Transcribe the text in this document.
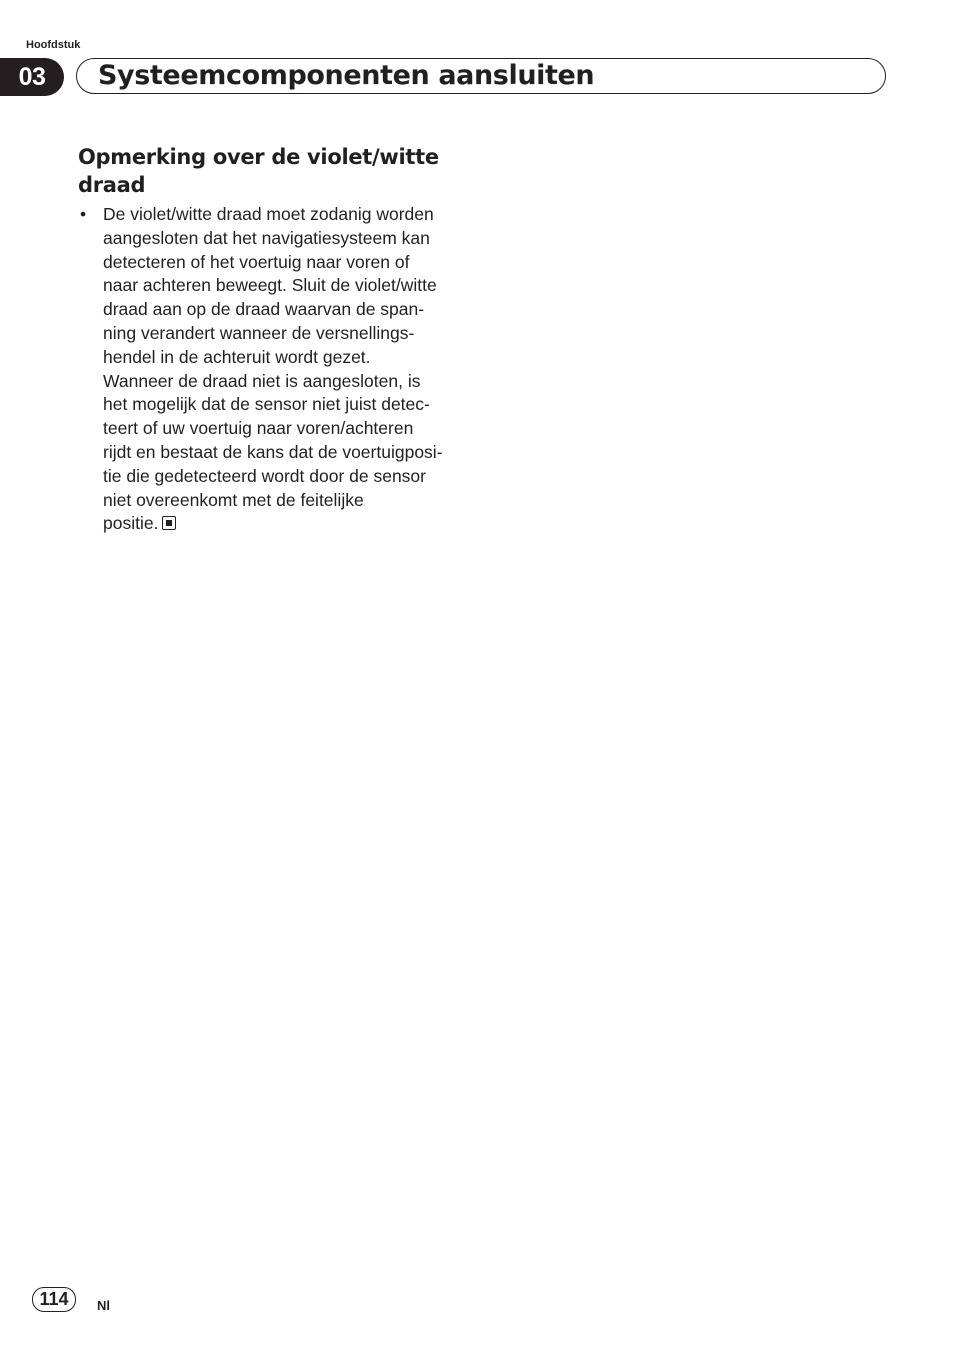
Hoofdstuk
03	Systeemcomponenten aansluiten
Opmerking over de violet/witte
draad
• De violet/witte draad moet zodanig worden
aangesloten dat het navigatiesysteem kan
detecteren of het voertuig naar voren of
naar achteren beweegt. Sluit de violet/witte
draad aan op de draad waarvan de span-
ning verandert wanneer de versnellings-
hendel in de achteruit wordt gezet.
Wanneer de draad niet is aangesloten, is
het mogelijk dat de sensor niet juist detec-
teert of uw voertuig naar voren/achteren
rijdt en bestaat de kans dat de voertuigposi-
tie die gedetecteerd wordt door de sensor
niet overeenkomt met de feitelijke
positie.
114	Nl
